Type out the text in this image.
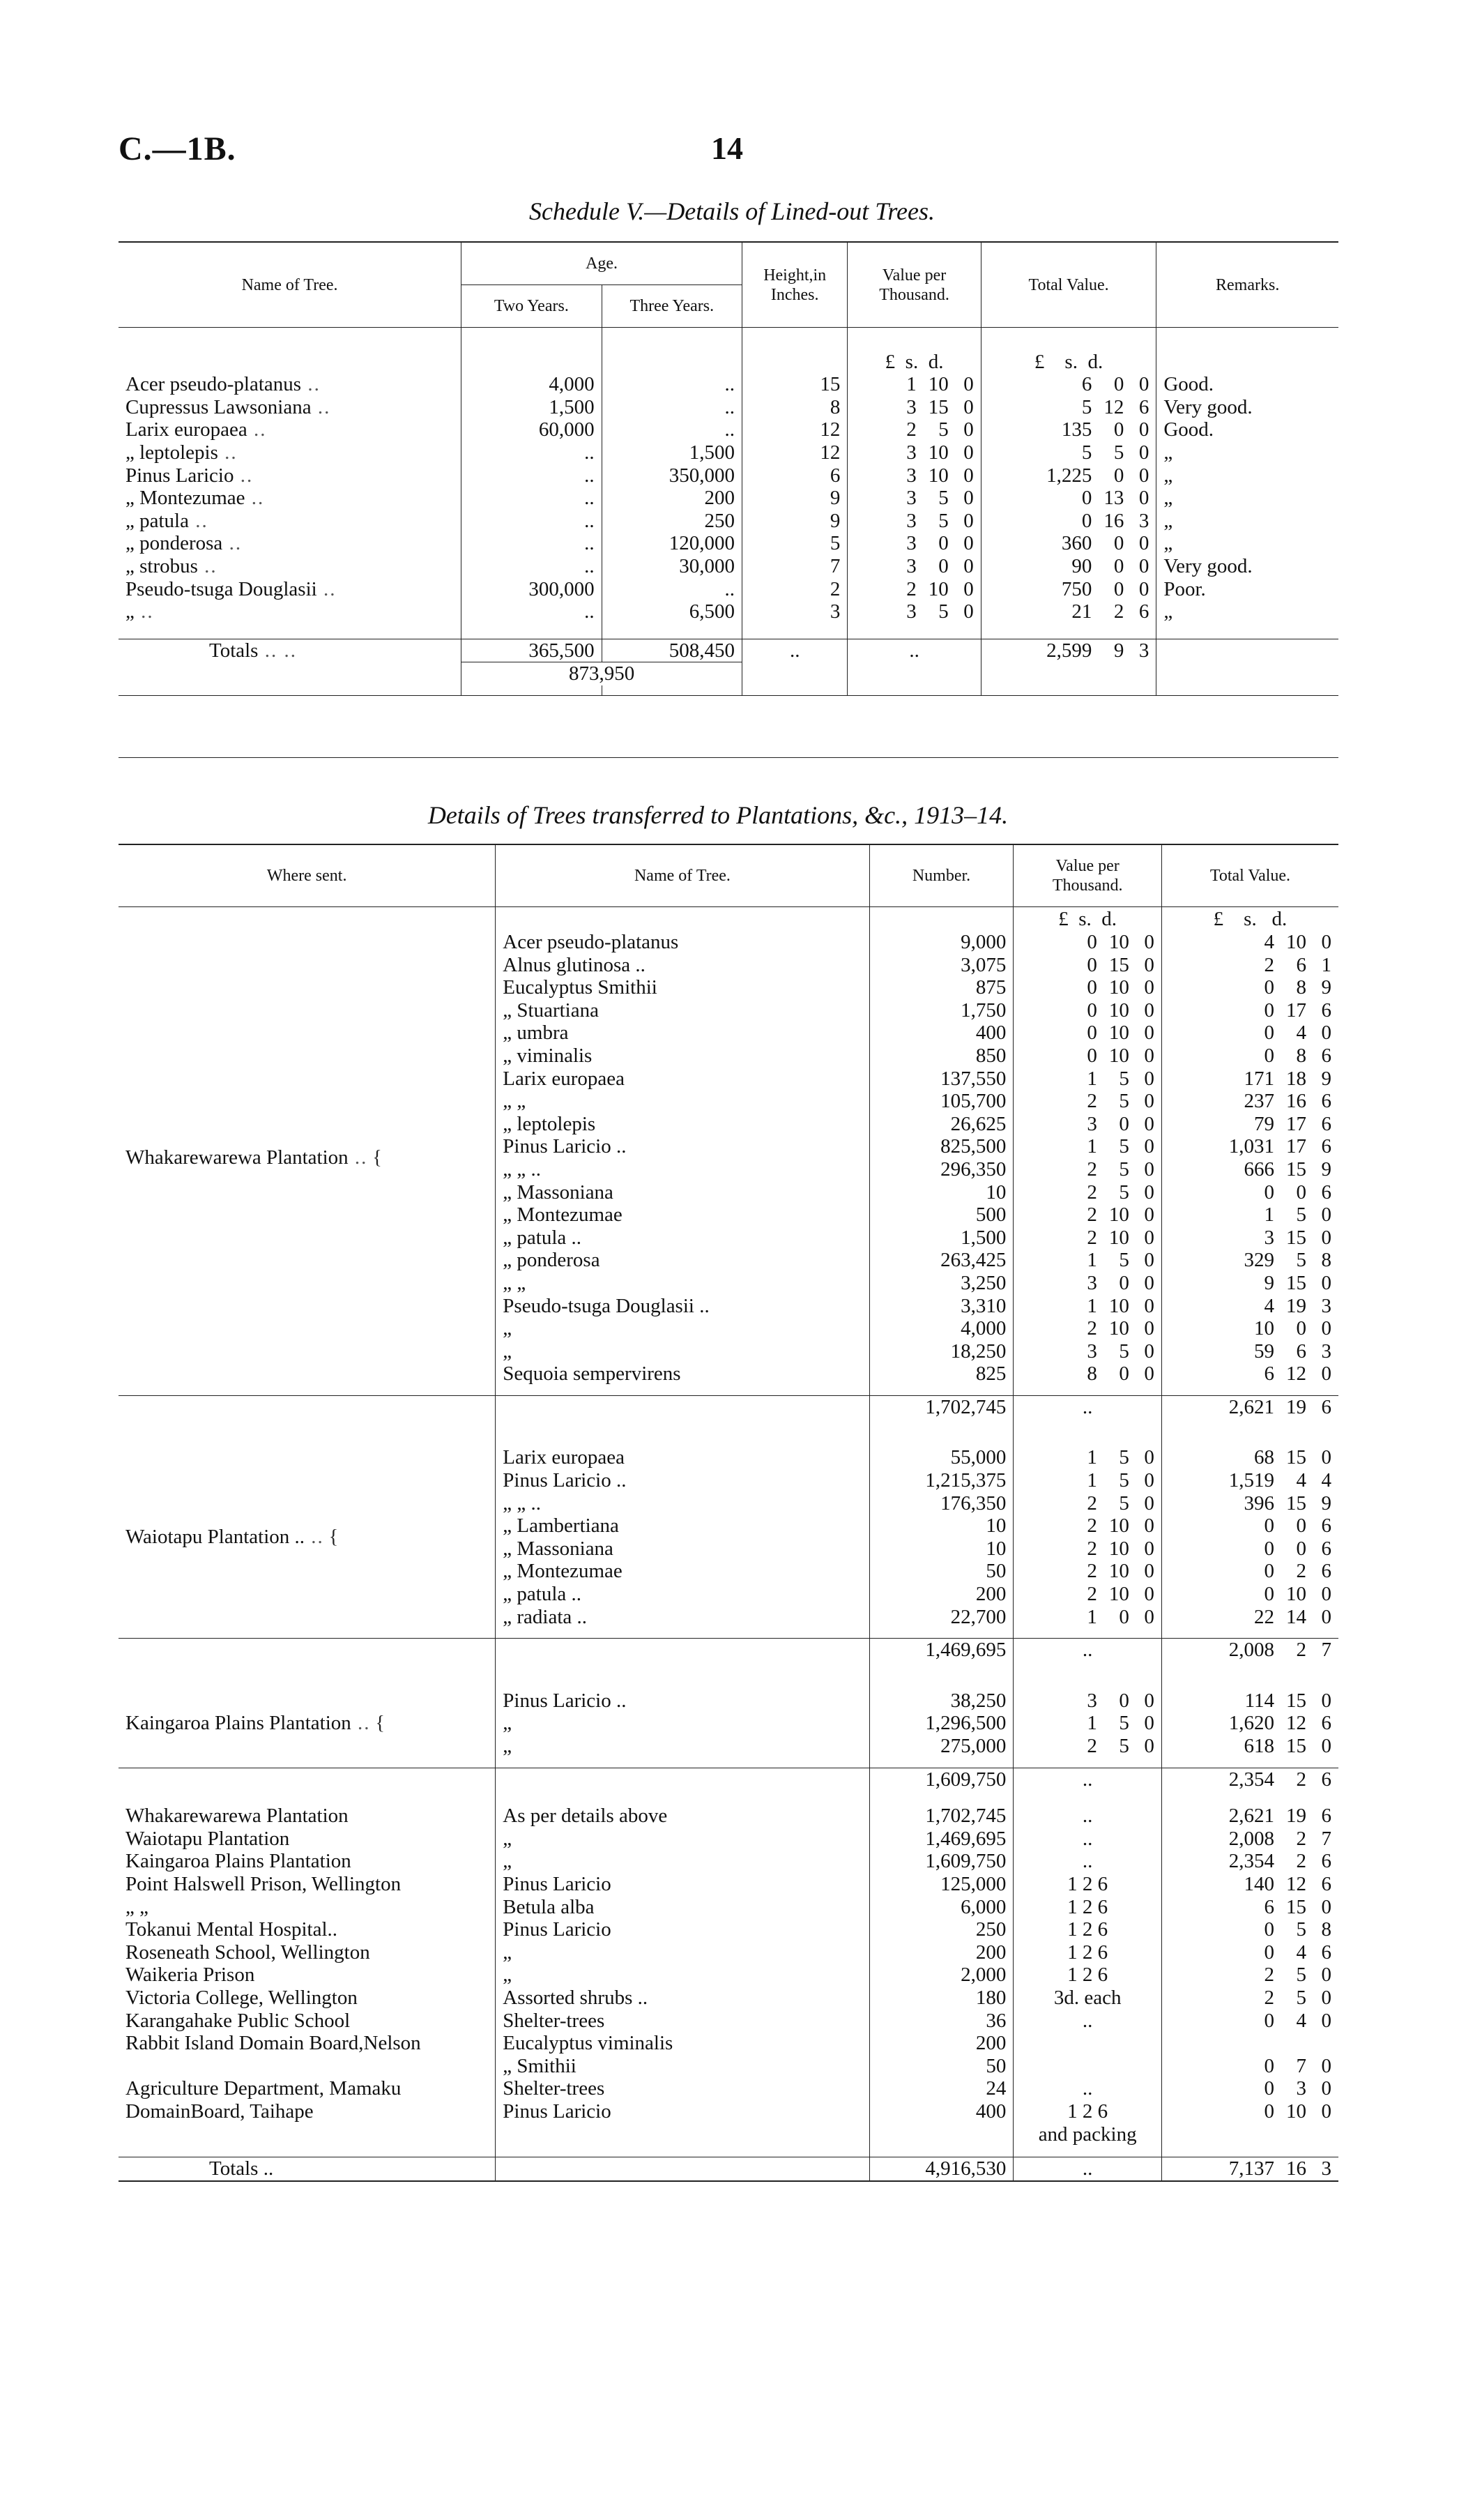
C.—1B.	14
Schedule V.—Details of Lined-out Trees.
Name of Tree.	Age.		Height,in Inches.	Value per Thousand.	Total Value.	Remarks.
	Two Years.	Three Years.				

				£ s. d.	£ s. d.	
Acer pseudo-platanus ..	4,000	..	15	1 10 0	6 0 0	Good.
Cupressus Lawsoniana ..	1,500	..	8	3 15 0	5 12 6	Very good.
Larix europaea ..	60,000	..	12	2 5 0	135 0 0	Good.
„ leptolepis ..	..	1,500	12	3 10 0	5 5 0	„
Pinus Laricio ..	..	350,000	6	3 10 0	1,225 0 0	„
„ Montezumae ..	..	200	9	3 5 0	0 13 0	„
„ patula ..	..	250	9	3 5 0	0 16 3	„
„ ponderosa ..	..	120,000	5	3 0 0	360 0 0	„
„ strobus ..	..	30,000	7	3 0 0	90 0 0	Very good.
Pseudo-tsuga Douglasii ..	300,000	..	2	2 10 0	750 0 0	Poor.
„ ..	..	6,500	3	3 5 0	21 2 6	„

Totals .. ..	365,500	508,450	..	..	2,599 9 3	
	873,950					

Details of Trees transferred to Plantations, &c., 1913–14.
Where sent.	Name of Tree.	Number.	Value per Thousand.	Total Value.
			£ s. d.	£ s. d.
Whakarewarewa Plantation .. {	Acer pseudo-platanus	9,000	0 10 0	4 10 0
	Alnus glutinosa ..	3,075	0 15 0	2 6 1
	Eucalyptus Smithii	875	0 10 0	0 8 9
	„ Stuartiana	1,750	0 10 0	0 17 6
	„ umbra	400	0 10 0	0 4 0
	„ viminalis	850	0 10 0	0 8 6
	Larix europaea	137,550	1 5 0	171 18 9
	„ „	105,700	2 5 0	237 16 6
	„ leptolepis	26,625	3 0 0	79 17 6
	Pinus Laricio ..	825,500	1 5 0	1,031 17 6
	„ „ ..	296,350	2 5 0	666 15 9
	„ Massoniana	10	2 5 0	0 0 6
	„ Montezumae	500	2 10 0	1 5 0
	„ patula ..	1,500	2 10 0	3 15 0
	„ ponderosa	263,425	1 5 0	329 5 8
	„ „	3,250	3 0 0	9 15 0
	Pseudo-tsuga Douglasii ..	3,310	1 10 0	4 19 3
	„	4,000	2 10 0	10 0 0
	„	18,250	3 5 0	59 6 3
	Sequoia sempervirens	825	8 0 0	6 12 0

		1,702,745	..	2,621 19 6

Waiotapu Plantation .. .. {	Larix europaea	55,000	1 5 0	68 15 0
	Pinus Laricio ..	1,215,375	1 5 0	1,519 4 4
	„ „ ..	176,350	2 5 0	396 15 9
	„ Lambertiana	10	2 10 0	0 0 6
	„ Massoniana	10	2 10 0	0 0 6
	„ Montezumae	50	2 10 0	0 2 6
	„ patula ..	200	2 10 0	0 10 0
	„ radiata ..	22,700	1 0 0	22 14 0

		1,469,695	..	2,008 2 7

Kaingaroa Plains Plantation .. {	Pinus Laricio ..	38,250	3 0 0	114 15 0
	„	1,296,500	1 5 0	1,620 12 6
	„	275,000	2 5 0	618 15 0

		1,609,750	..	2,354 2 6

Whakarewarewa Plantation	As per details above	1,702,745	..	2,621 19 6
Waiotapu Plantation	„	1,469,695	..	2,008 2 7
Kaingaroa Plains Plantation	„	1,609,750	..	2,354 2 6
Point Halswell Prison, Wellington	Pinus Laricio	125,000	1 2 6	140 12 6
„ „	Betula alba	6,000	1 2 6	6 15 0
Tokanui Mental Hospital..	Pinus Laricio	250	1 2 6	0 5 8
Roseneath School, Wellington	„	200	1 2 6	0 4 6
Waikeria Prison	„	2,000	1 2 6	2 5 0
Victoria College, Wellington	Assorted shrubs ..	180	3d. each	2 5 0
Karangahake Public School	Shelter-trees	36	..	0 4 0
Rabbit Island Domain Board,Nelson	Eucalyptus viminalis	200		
	„ Smithii	50		0 7 0
Agriculture Department, Mamaku	Shelter-trees	24	..	0 3 0
DomainBoard, Taihape	Pinus Laricio	400	1 2 6	0 10 0
			and packing	

Totals ..		4,916,530	..	7,137 16 3
